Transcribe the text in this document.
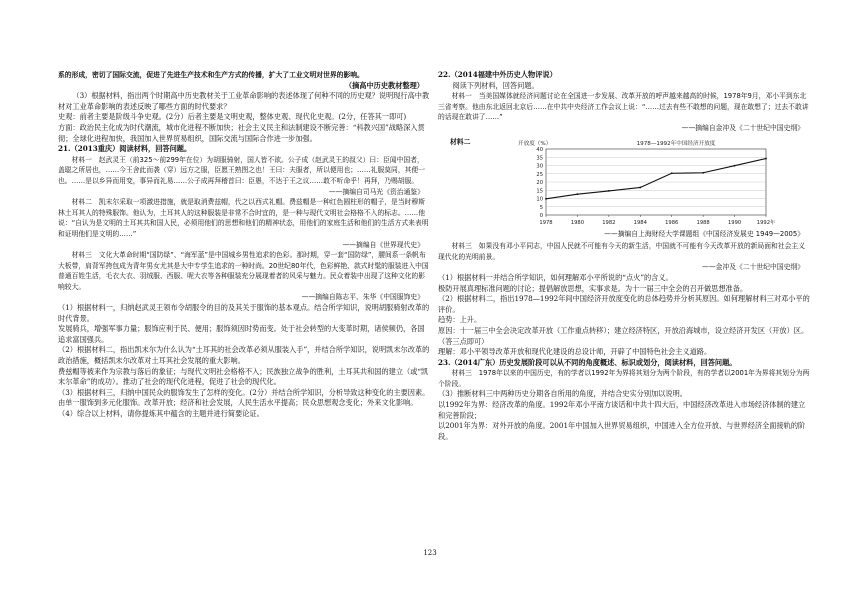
系的形成，密切了国际交流，促进了先进生产技术和生产方式的传播，扩大了工业文明对世界的影响。

（摘高中历史教材整理）

（3）根据材料，指出两个时期高中历史教材关于工业革命影响的表述体现了何种不同的历史观？说明现行高中教材对工业革命影响的表述反映了哪些方面的时代要求？

史观：前者主要是阶级斗争史观。(2分）后者主要是文明史观，整体史观、现代化史观。(2分，任答其一即可)

方面：政治民主化成为时代潮流，城市化进程不断加快；社会主义民主和法制建设不断完善：“科教兴国”战略深入贯彻；全球化进程加快，我国加入世界贸易组织，国际交流与国际合作进一步加强。

21.（2013重庆）阅读材料，回答问题。

材料一　赵武灵王（前325～前299年在位）为胡服骑射，国人皆不欲。公子成（赵武灵王的叔父）曰：臣闻中国者，盖聪之所居也，……今王舍此而袭（穿）远方之服，臣愿王熟图之也！王曰：夫服者，所以便用也；……礼服莫同，其便一也。……是以乡异而用变，事异而礼易……公子成再拜稽首曰：臣愚，不达于王之议……敢不听命乎！再拜，乃赐胡服。

——摘编自司马光《资治通鉴》

材料二　凯末尔采取一项激进措施，就是取消费兹帽，代之以西式礼帽。费兹帽是一种红色圆柱形的帽子，是当时穆斯林土耳其人的特殊服饰。他认为，土耳其人的这种服装是非常不合时宜的，是一种与现代文明社会格格不入的标志。……他说：“自认为是文明的土耳其共和国人民，必须用他们的思想和他们的精神状态，用他们的家庭生活和他们的生活方式来表明和证明他们是文明的……”

——摘编自《世界现代史》

材料三　文化大革命时期“国防绿”、“海军蓝”是中国城乡男性追求的色彩。那时期，穿一套“国防绿”，腰间系一条帆布大板带，肩背军挎包成为青年男女尤其是大中专学生追求的一种时尚。20世纪80年代，色彩鲜艳、款式时髦的服装进入中国普通百姓生活，毛衣大衣、羽绒服、西服、呢大衣等各种服装充分展现着者的风采与魅力。民众着装中出现了这种文化的影响较大。

——摘编自陈志平、朱华《中国服饰史》

（1）根据材料一，归纳赵武灵王领布令胡服令的目的及其关于服饰的基本观点。结合所学知识，说明胡服骑射改革的时代背景。

发展骑兵，增强军事力量；服饰应利于民、便用；服饰须因时势而变。处于社会转型的大变革时期，诸侯频仍，各国追求富国强兵。

（2）根据材料二，指出凯末尔为什么认为“土耳其的社会改革必须从服装入手”，并结合所学知识，说明凯末尔改革的政治措施，概括凯末尔改革对土耳其社会发展的重大影响。

费兹帽等被来作为宗教与落后的象征；与现代文明社会格格不入；民族独立战争的胜利，土耳其共和国的建立（或“凯末尔革命”的成功）。推动了社会的现代化进程，促进了社会的现代化。

（3）根据材料三，归纳中国民众的服饰发生了怎样的变化。(2分）并结合所学知识，分析导致这种变化的主要因素。

由单一服饰到多元化服饰。改革开放；经济和社会发展，人民生活水平提高；民众思想观念变化；外来文化影响。

（4）综合以上材料，请你提炼其中蕴含的主题并进行简要论证。

22.（2014福建中外历史人物评说）

阅读下列材料，回答问题。

材料一　当美国媒体就经济问题讨论在全国进一步发展、改革开放的呼声越来越高的时候，1978年9月，邓小平到东北三省考察。他由东北返回北京后……在中共中央经济工作会议上说：“……过去有些不敢想的问题，现在敢想了；过去不敢讲的话现在敢讲了……”

——摘编自金冲及《二十世纪中国史纲》

材料二
0
5
10
15
20
25
30
35
40
1978	1980	1982	1984	1986	1988	1990	1992年
1978—1992年中国经济开放度
开放度（%）

——摘编自上海财经大学课题组《中国经济发展史 1949—2005》

材料三　如果没有邓小平同志，中国人民就不可能有今天的新生活，中国就不可能有今天改革开放的新局面和社会主义现代化的光明前景。

——金冲及《二十世纪中国史纲》

（1）根据材料一并结合所学知识，如何理解邓小平所说的“点火”的含义。

极防开展真理标准问题的讨论；提倡解放思想，实事求是。为十一届三中全会的召开做思想准备。

（2）根据材料二，指出1978—1992年间中国经济开放度变化的总体趋势并分析其原因。如何理解材料三对邓小平的评价。

趋势：上升。

原因：十一届三中全会决定改革开放（工作重点转移）；建立经济特区，开放沿海城市，设立经济开发区（开放）区。（答三点即可）

理解：邓小平领导改革开放和现代化建设的总设计师，开辟了中国特色社会主义道路。

23.（2014广东）历史发展阶段可以从不同的角度概述、标识或划分，阅读材料，回答问题。

材料三　1978年以来的中国历史，有的学者以1992年为界将其划分为两个阶段，有的学者以2001年为界将其划分为两个阶段。

（3）推断材料三中两种历史分期各自所用的角度，并结合史实分别加以说明。

以1992年为界：经济改革的角度。1992年邓小平南方谈话和中共十四大后，中国经济改革进入市场经济体制的建立和完善阶段；

以2001年为界：对外开放的角度。2001年中国加入世界贸易组织，中国进入全方位开放、与世界经济全面接轨的阶段。

123
